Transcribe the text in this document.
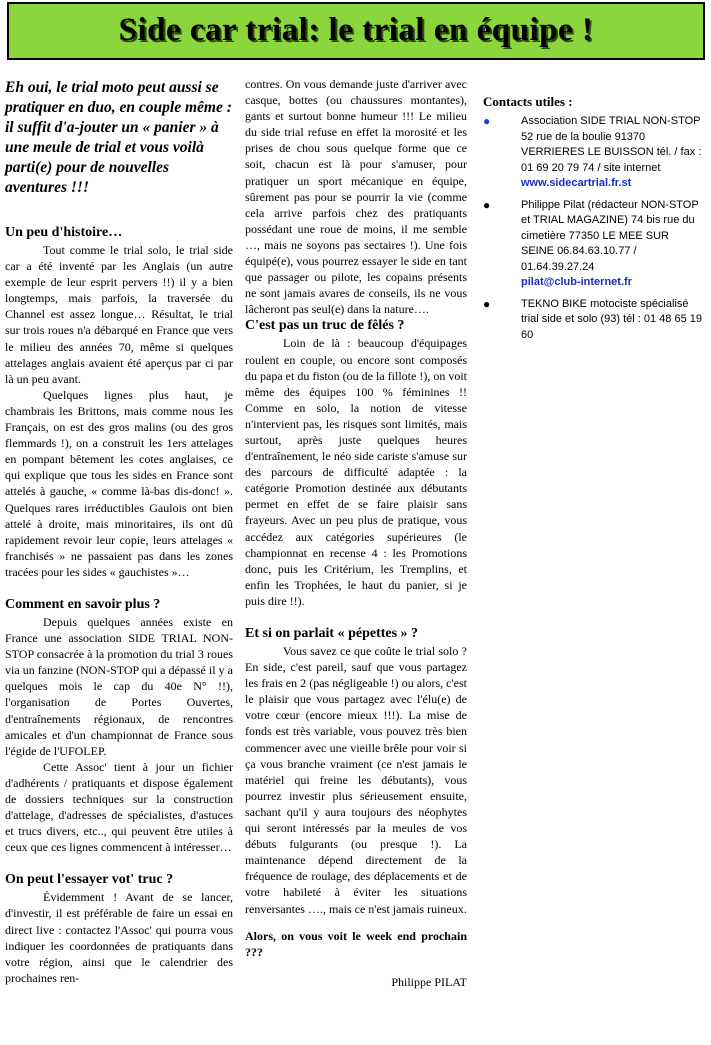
Side car trial: le trial en équipe !

Eh oui, le trial moto peut aussi se pratiquer en duo, en couple même : il suffit d'a-jouter un « panier » à une meule de trial et vous voilà parti(e) pour de nouvelles aventures !!!

Un peu d'histoire…

Tout comme le trial solo, le trial side car a été inventé par les Anglais (un autre exemple de leur esprit pervers !!) il y a bien longtemps, mais parfois, la traversée du Channel est assez longue… Résultat, le trial sur trois roues n'a débarqué en France que vers le milieu des années 70, même si quelques attelages anglais avaient été aperçus par ci par là un peu avant.

Quelques lignes plus haut, je chambrais les Brittons, mais comme nous les Français, on est des gros malins (ou des gros flemmards !), on a construit les 1ers attelages en pompant bêtement les cotes anglaises, ce qui explique que tous les sides en France sont attelés à gauche, « comme là-bas dis-donc! ». Quelques rares irréductibles Gaulois ont bien attelé à droite, mais minoritaires, ils ont dû rapidement revoir leur copie, leurs attelages « franchisés » ne passaient pas dans les zones tracées pour les sides « gauchistes »…

Comment en savoir plus ?

Depuis quelques années existe en France une association SIDE TRIAL NON-STOP consacrée à la promotion du trial 3 roues via un fanzine (NON-STOP qui a dépassé il y a quelques mois le cap du 40e N° !!), l'organisation de Portes Ouvertes, d'entraînements régionaux, de rencontres amicales et d'un championnat de France sous l'égide de l'UFOLEP.

Cette Assoc' tient à jour un fichier d'adhérents / pratiquants et dispose également de dossiers techniques sur la construction d'attelage, d'adresses de spécialistes, d'astuces et trucs divers, etc.., qui peuvent être utiles à ceux que ces lignes commencent à intéresser…

On peut l'essayer vot' truc ?

Évidemment ! Avant de se lancer, d'investir, il est préférable de faire un essai en direct live : contactez l'Assoc' qui pourra vous indiquer les coordonnées de pratiquants dans votre région, ainsi que le calendrier des prochaines ren-

contres. On vous demande juste d'arriver avec casque, bottes (ou chaussures montantes), gants et surtout bonne humeur !!! Le milieu du side trial refuse en effet la morosité et les prises de chou sous quelque forme que ce soit, chacun est là pour s'amuser, pour pratiquer un sport mécanique en équipe, sûrement pas pour se pourrir la vie (comme cela arrive parfois chez des pratiquants possédant une roue de moins, il me semble …, mais ne soyons pas sectaires !). Une fois équipé(e), vous pourrez essayer le side en tant que passager ou pilote, les copains présents ne sont jamais avares de conseils, ils ne vous lâcheront pas seul(e) dans la nature….

C'est pas un truc de fêlés ?

Loin de là : beaucoup d'équipages roulent en couple, ou encore sont composés du papa et du fiston (ou de la fillote !), on voit même des équipes 100 % féminines !! Comme en solo, la notion de vitesse n'intervient pas, les risques sont limités, mais surtout, après juste quelques heures d'entraînement, le néo side cariste s'amuse sur des parcours de difficulté adaptée : la catégorie Promotion destinée aux débutants permet en effet de se faire plaisir sans frayeurs. Avec un peu plus de pratique, vous accédez aux catégories supérieures (le championnat en recense 4 : les Promotions donc, puis les Critérium, les Tremplins, et enfin les Trophées, le haut du panier, si je puis dire !!).

Et si on parlait « pépettes » ?

Vous savez ce que coûte le trial solo ? En side, c'est pareil, sauf que vous partagez les frais en 2 (pas négligeable !) ou alors, c'est le plaisir que vous partagez avec l'élu(e) de votre cœur (encore mieux !!!). La mise de fonds est très variable, vous pouvez très bien commencer avec une vieille brêle pour voir si ça vous branche vraiment (ce n'est jamais le matériel qui freine les débutants), vous pourrez investir plus sérieusement ensuite, sachant qu'il y aura toujours des néophytes qui seront intéressés par la meules de vos débuts fulgurants (ou presque !). La maintenance dépend directement de la fréquence de roulage, des déplacements et de votre habileté à éviter les situations renversantes …., mais ce n'est jamais ruineux.

Alors, on vous voit le week end prochain ???

Philippe PILAT

Contacts utiles :

●	Association SIDE TRIAL NON-STOP 52 rue de la boulie 91370 VERRIERES LE BUISSON tél. / fax : 01 69 20 79 74 / site internet
www.sidecartrial.fr.st
●	Philippe Pilat (rédacteur NON-STOP et TRIAL MAGAZINE) 74 bis rue du cimetière 77350 LE MEE SUR SEINE 06.84.63.10.77 / 01.64.39.27.24
pilat@club-internet.fr
●	TEKNO BIKE motociste spécialisé trial side et solo (93) tél : 01 48 65 19 60
